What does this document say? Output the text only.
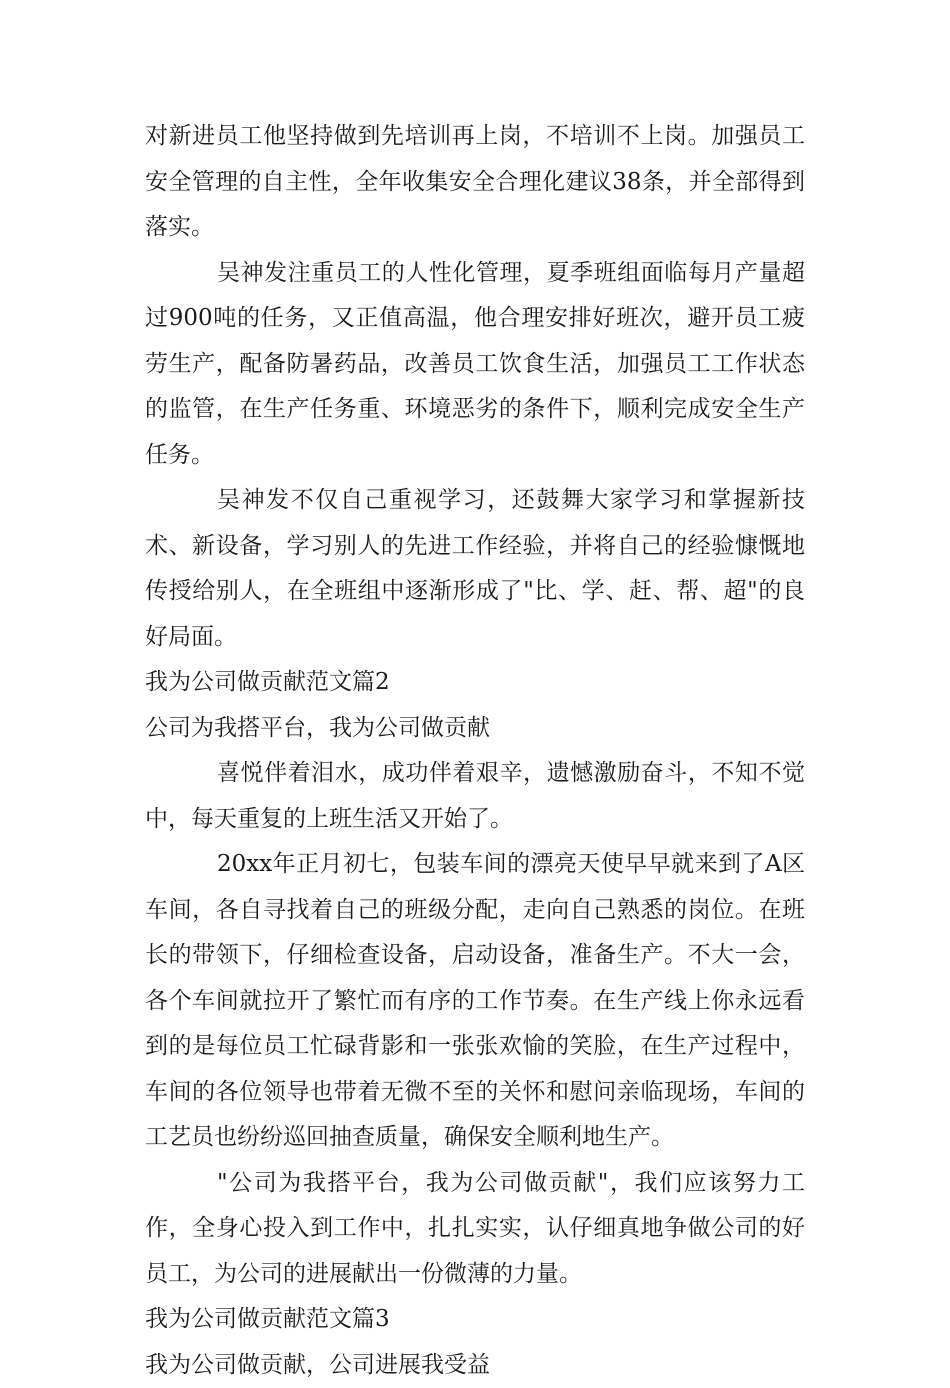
对新进员工他坚持做到先培训再上岗，不培训不上岗。加强员工安全管理的自主性，全年收集安全合理化建议38条，并全部得到落实。

吴神发注重员工的人性化管理，夏季班组面临每月产量超过900吨的任务，又正值高温，他合理安排好班次，避开员工疲劳生产，配备防暑药品，改善员工饮食生活，加强员工工作状态的监管，在生产任务重、环境恶劣的条件下，顺利完成安全生产任务。

吴神发不仅自己重视学习，还鼓舞大家学习和掌握新技术、新设备，学习别人的先进工作经验，并将自己的经验慷慨地传授给别人，在全班组中逐渐形成了"比、学、赶、帮、超"的良好局面。

我为公司做贡献范文篇2

公司为我搭平台，我为公司做贡献

喜悦伴着泪水，成功伴着艰辛，遗憾激励奋斗，不知不觉中，每天重复的上班生活又开始了。

20xx年正月初七，包装车间的漂亮天使早早就来到了A区车间，各自寻找着自己的班级分配，走向自己熟悉的岗位。在班长的带领下，仔细检查设备，启动设备，准备生产。不大一会，各个车间就拉开了繁忙而有序的工作节奏。在生产线上你永远看到的是每位员工忙碌背影和一张张欢愉的笑脸，在生产过程中，车间的各位领导也带着无微不至的关怀和慰问亲临现场，车间的工艺员也纷纷巡回抽查质量，确保安全顺利地生产。

"公司为我搭平台，我为公司做贡献"，我们应该努力工作，全身心投入到工作中，扎扎实实，认仔细真地争做公司的好员工，为公司的进展献出一份微薄的力量。

我为公司做贡献范文篇3

我为公司做贡献，公司进展我受益
